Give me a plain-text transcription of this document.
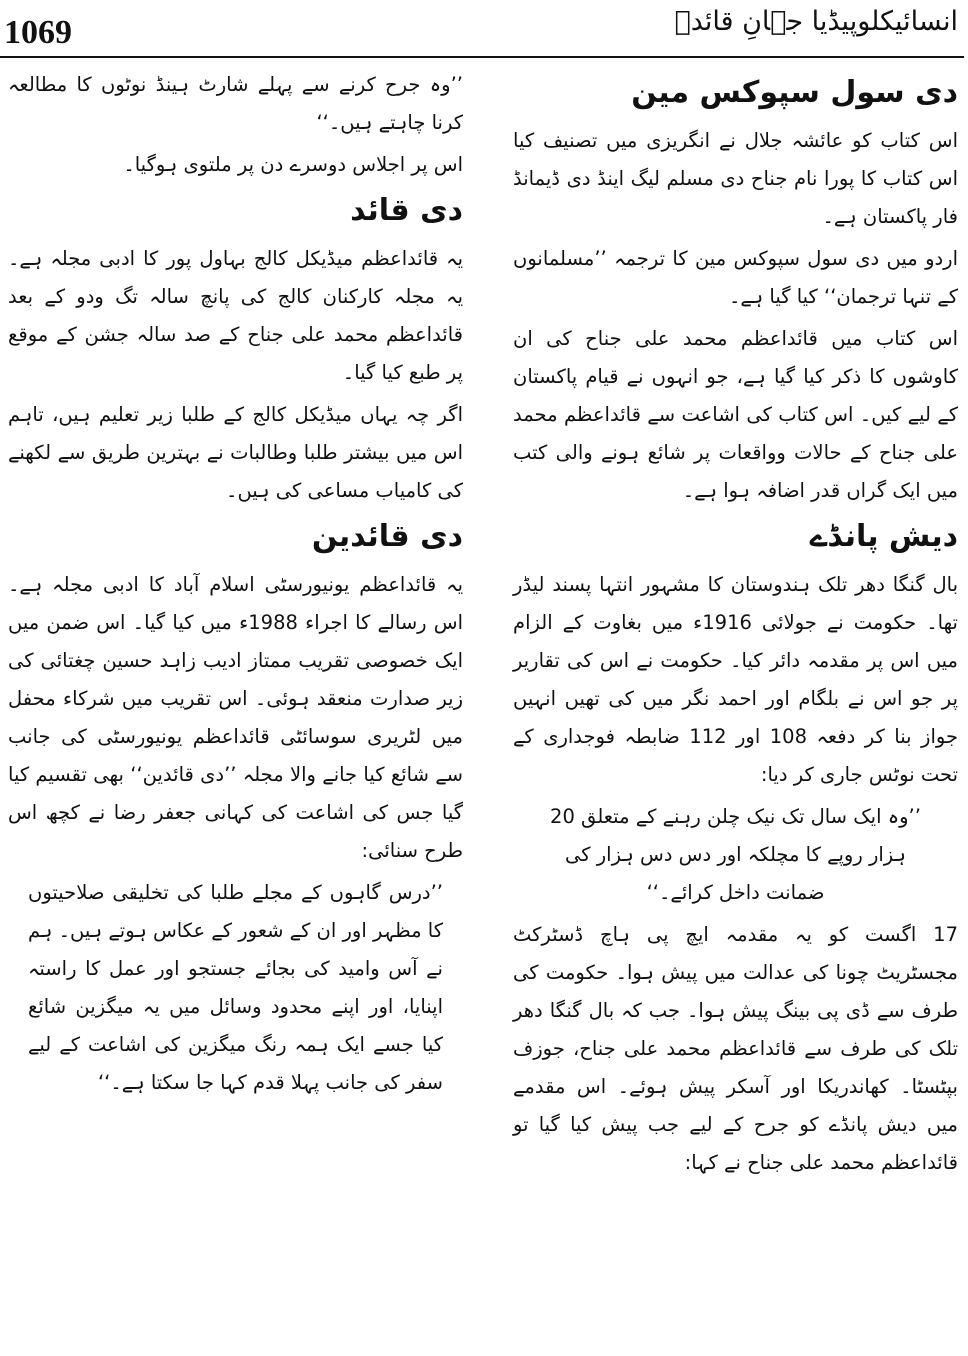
1069	انسائیکلوپیڈیا جہانِ قائدؒ
دی سول سپوکس مین

اس کتاب کو عائشہ جلال نے انگریزی میں تصنیف کیا اس کتاب کا پورا نام جناح دی مسلم لیگ اینڈ دی ڈیمانڈ فار پاکستان ہے۔

اردو میں دی سول سپوکس مین کا ترجمہ ’’مسلمانوں کے تنہا ترجمان‘‘ کیا گیا ہے۔

اس کتاب میں قائداعظم محمد علی جناح کی ان کاوشوں کا ذکر کیا گیا ہے، جو انہوں نے قیام پاکستان کے لیے کیں۔ اس کتاب کی اشاعت سے قائداعظم محمد علی جناح کے حالات وواقعات پر شائع ہونے والی کتب میں ایک گراں قدر اضافہ ہوا ہے۔

دیش پانڈے

بال گنگا دھر تلک ہندوستان کا مشہور انتہا پسند لیڈر تھا۔ حکومت نے جولائی 1916ء میں بغاوت کے الزام میں اس پر مقدمہ دائر کیا۔ حکومت نے اس کی تقاریر پر جو اس نے بلگام اور احمد نگر میں کی تھیں انہیں جواز بنا کر دفعہ 108 اور 112 ضابطہ فوجداری کے تحت نوٹس جاری کر دیا:

’’وہ ایک سال تک نیک چلن رہنے کے متعلق 20 ہزار روپے کا مچلکہ اور دس دس ہزار کی ضمانت داخل کرائے۔‘‘

17 اگست کو یہ مقدمہ ایچ پی ہاچ ڈسٹرکٹ مجسٹریٹ چونا کی عدالت میں پیش ہوا۔ حکومت کی طرف سے ڈی پی بینگ پیش ہوا۔ جب کہ بال گنگا دھر تلک کی طرف سے قائداعظم محمد علی جناح، جوزف بپٹسٹا۔ کھاندریکا اور آسکر پیش ہوئے۔ اس مقدمے میں دیش پانڈے کو جرح کے لیے جب پیش کیا گیا تو قائداعظم محمد علی جناح نے کہا:

’’وہ جرح کرنے سے پہلے شارٹ ہینڈ نوٹوں کا مطالعہ کرنا چاہتے ہیں۔‘‘

اس پر اجلاس دوسرے دن پر ملتوی ہوگیا۔

دی قائد

یہ قائداعظم میڈیکل کالج بہاول پور کا ادبی مجلہ ہے۔ یہ مجلہ کارکنان کالج کی پانچ سالہ تگ ودو کے بعد قائداعظم محمد علی جناح کے صد سالہ جشن کے موقع پر طبع کیا گیا۔

اگر چہ یہاں میڈیکل کالج کے طلبا زیر تعلیم ہیں، تاہم اس میں بیشتر طلبا وطالبات نے بہترین طریق سے لکھنے کی کامیاب مساعی کی ہیں۔

دی قائدین

یہ قائداعظم یونیورسٹی اسلام آباد کا ادبی مجلہ ہے۔ اس رسالے کا اجراء 1988ء میں کیا گیا۔ اس ضمن میں ایک خصوصی تقریب ممتاز ادیب زاہد حسین چغتائی کی زیر صدارت منعقد ہوئی۔ اس تقریب میں شرکاء محفل میں لٹریری سوسائٹی قائداعظم یونیورسٹی کی جانب سے شائع کیا جانے والا مجلہ ’’دی قائدین‘‘ بھی تقسیم کیا گیا جس کی اشاعت کی کہانی جعفر رضا نے کچھ اس طرح سنائی:

’’درس گاہوں کے مجلے طلبا کی تخلیقی صلاحیتوں کا مظہر اور ان کے شعور کے عکاس ہوتے ہیں۔ ہم نے آس وامید کی بجائے جستجو اور عمل کا راستہ اپنایا، اور اپنے محدود وسائل میں یہ میگزین شائع کیا جسے ایک ہمہ رنگ میگزین کی اشاعت کے لیے سفر کی جانب پہلا قدم کہا جا سکتا ہے۔‘‘
